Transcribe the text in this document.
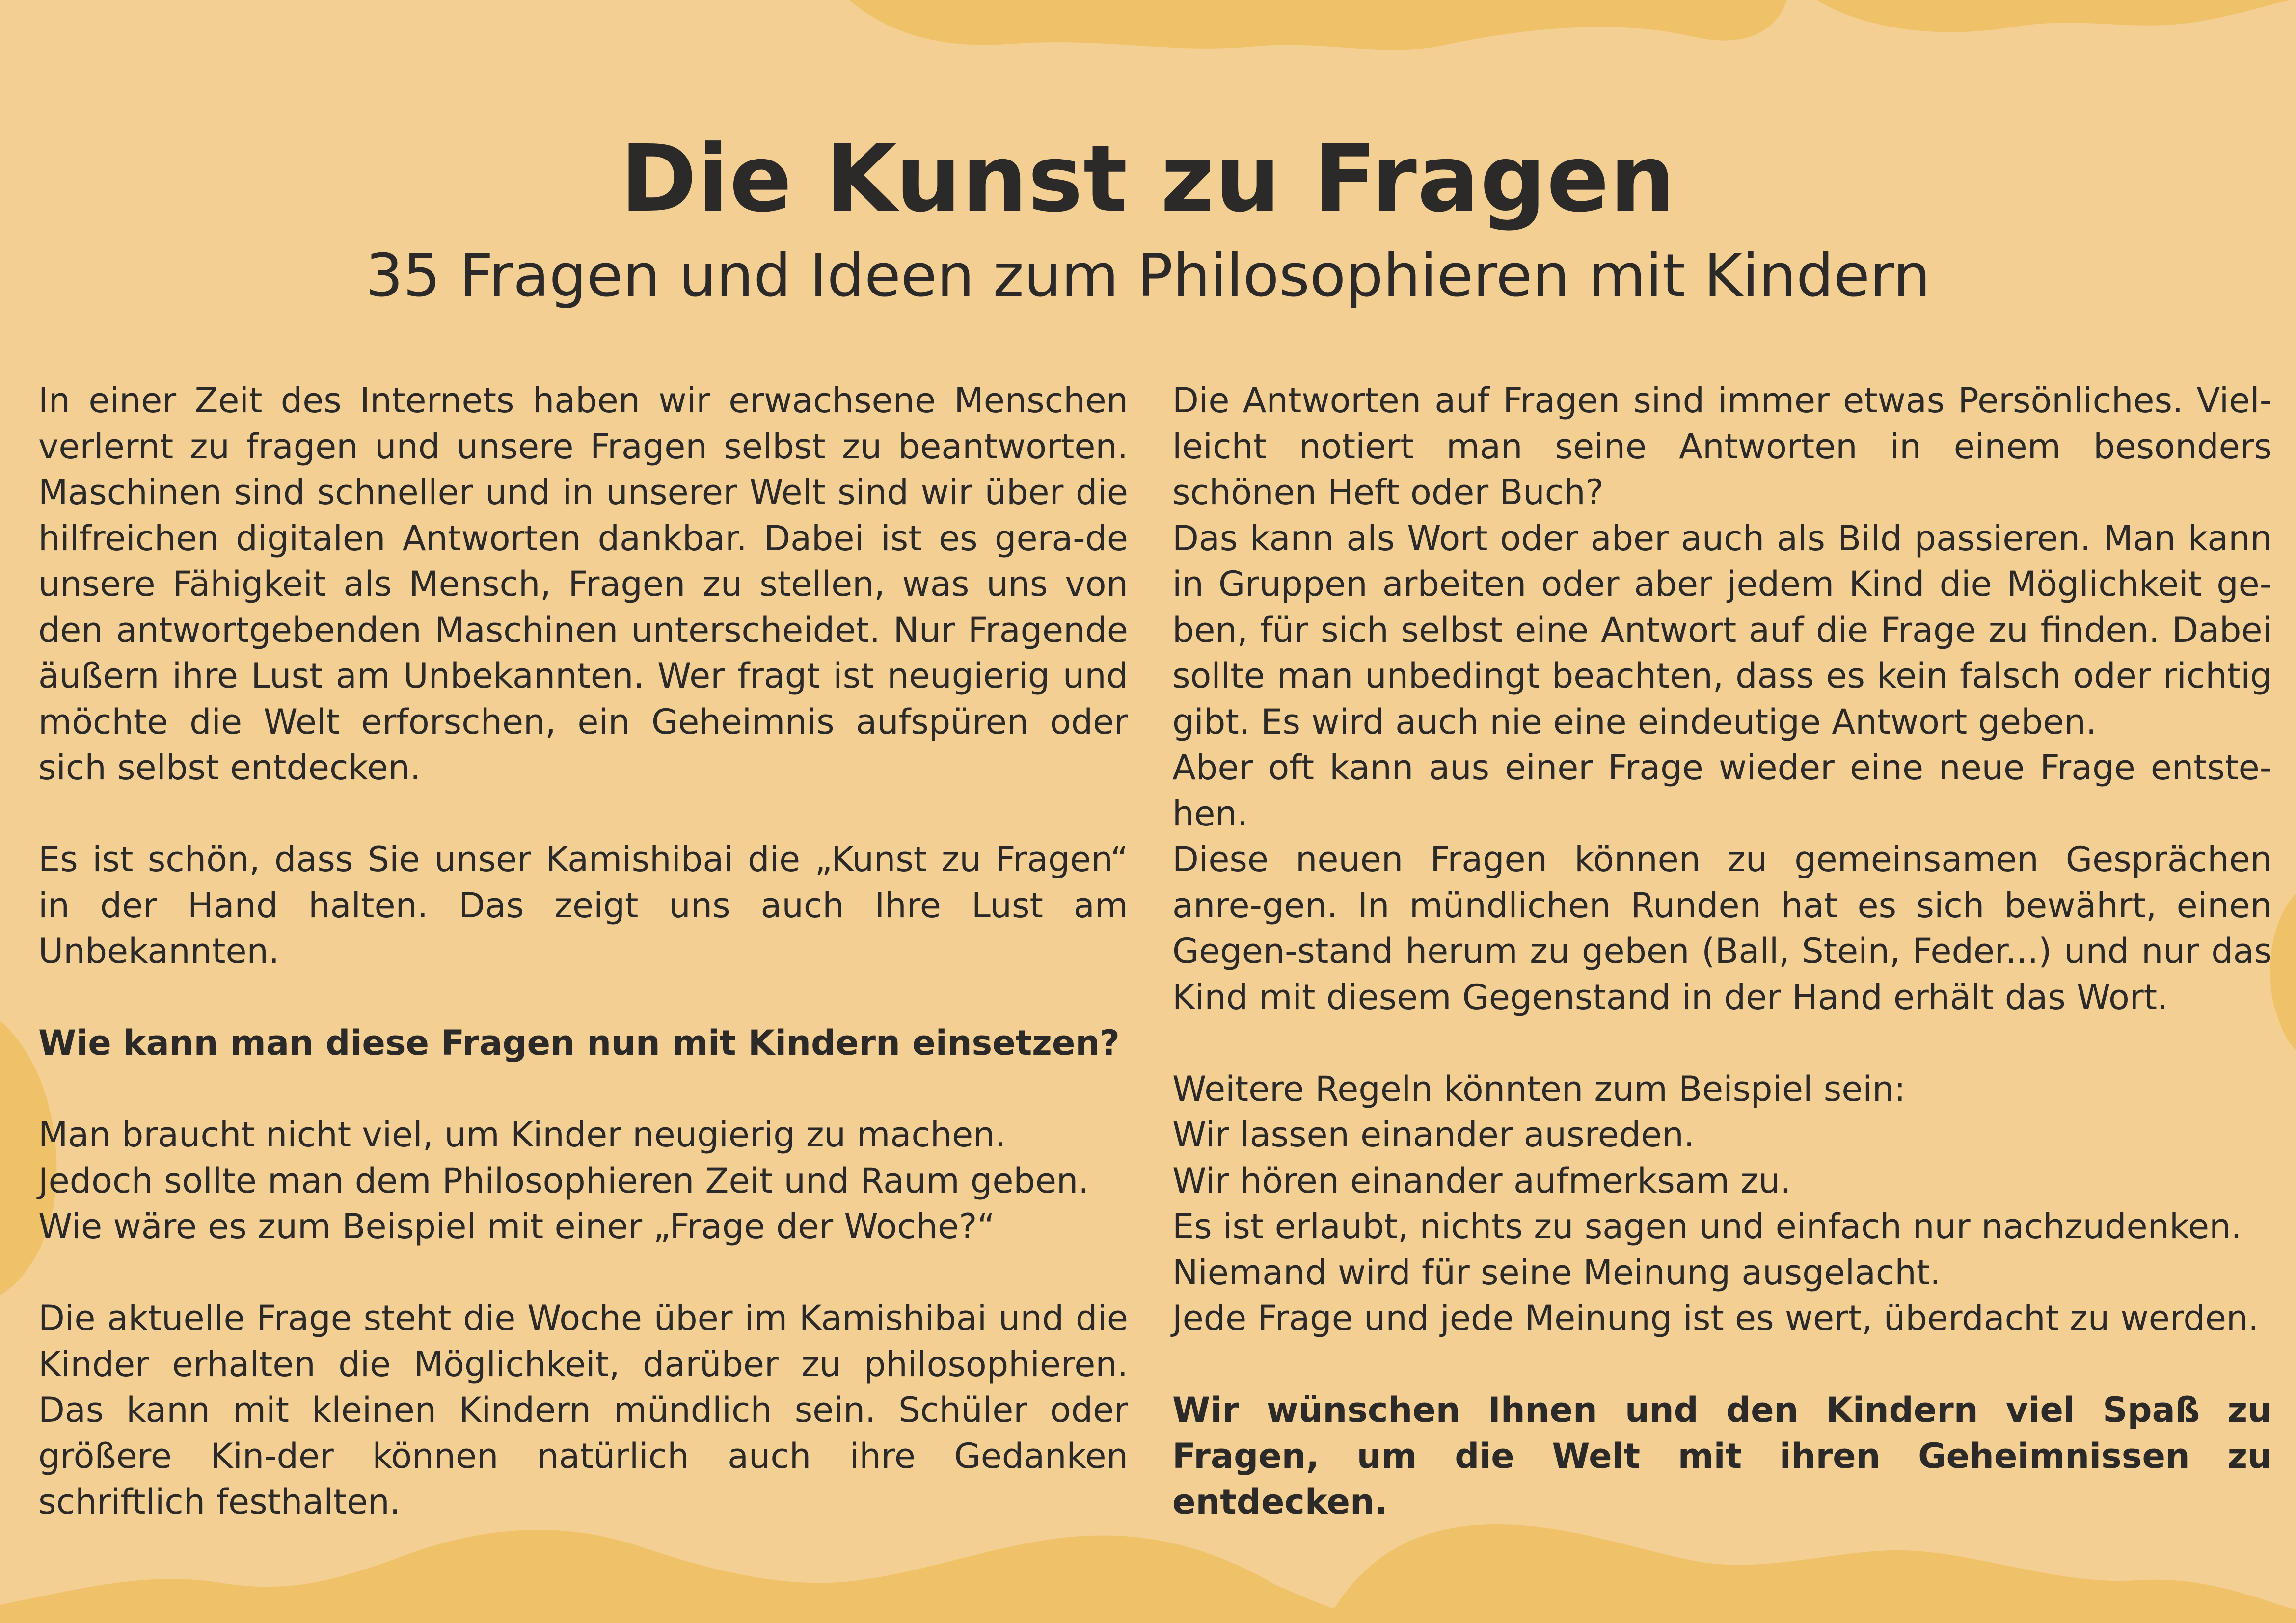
Die Kunst zu Fragen
35 Fragen und Ideen zum Philosophieren mit Kindern

In einer Zeit des Internets haben wir erwachsene Menschen verlernt zu fragen und unsere Fragen selbst zu beantworten. Maschinen sind schneller und in unserer Welt sind wir über die hilfreichen digitalen Antworten dankbar. Dabei ist es gera-de unsere Fähigkeit als Mensch, Fragen zu stellen, was uns von den antwortgebenden Maschinen unterscheidet. Nur Fragende äußern ihre Lust am Unbekannten. Wer fragt ist neugierig und möchte die Welt erforschen, ein Geheimnis aufspüren oder sich selbst entdecken.

Es ist schön, dass Sie unser Kamishibai die „Kunst zu Fragen“ in der Hand halten. Das zeigt uns auch Ihre Lust am Unbekannten.

Wie kann man diese Fragen nun mit Kindern einsetzen?

Man braucht nicht viel, um Kinder neugierig zu machen.
Jedoch sollte man dem Philosophieren Zeit und Raum geben.
Wie wäre es zum Beispiel mit einer „Frage der Woche?“

Die aktuelle Frage steht die Woche über im Kamishibai und die Kinder erhalten die Möglichkeit, darüber zu philosophieren. Das kann mit kleinen Kindern mündlich sein. Schüler oder größere Kin-der können natürlich auch ihre Gedanken schriftlich festhalten.

Die Antworten auf Fragen sind immer etwas Persönliches. Viel-leicht notiert man seine Antworten in einem besonders schönen Heft oder Buch?

Das kann als Wort oder aber auch als Bild passieren. Man kann in Gruppen arbeiten oder aber jedem Kind die Möglichkeit ge-ben, für sich selbst eine Antwort auf die Frage zu finden. Dabei sollte man unbedingt beachten, dass es kein falsch oder richtig gibt. Es wird auch nie eine eindeutige Antwort geben.

Aber oft kann aus einer Frage wieder eine neue Frage entste-hen.

Diese neuen Fragen können zu gemeinsamen Gesprächen anre-gen. In mündlichen Runden hat es sich bewährt, einen Gegen-stand herum zu geben (Ball, Stein, Feder...) und nur das Kind mit diesem Gegenstand in der Hand erhält das Wort.

Weitere Regeln könnten zum Beispiel sein:

Wir lassen einander ausreden.

Wir hören einander aufmerksam zu.

Es ist erlaubt, nichts zu sagen und einfach nur nachzudenken.

Niemand wird für seine Meinung ausgelacht.

Jede Frage und jede Meinung ist es wert, überdacht zu werden.

Wir wünschen Ihnen und den Kindern viel Spaß zu Fragen, um die Welt mit ihren Geheimnissen zu entdecken.
